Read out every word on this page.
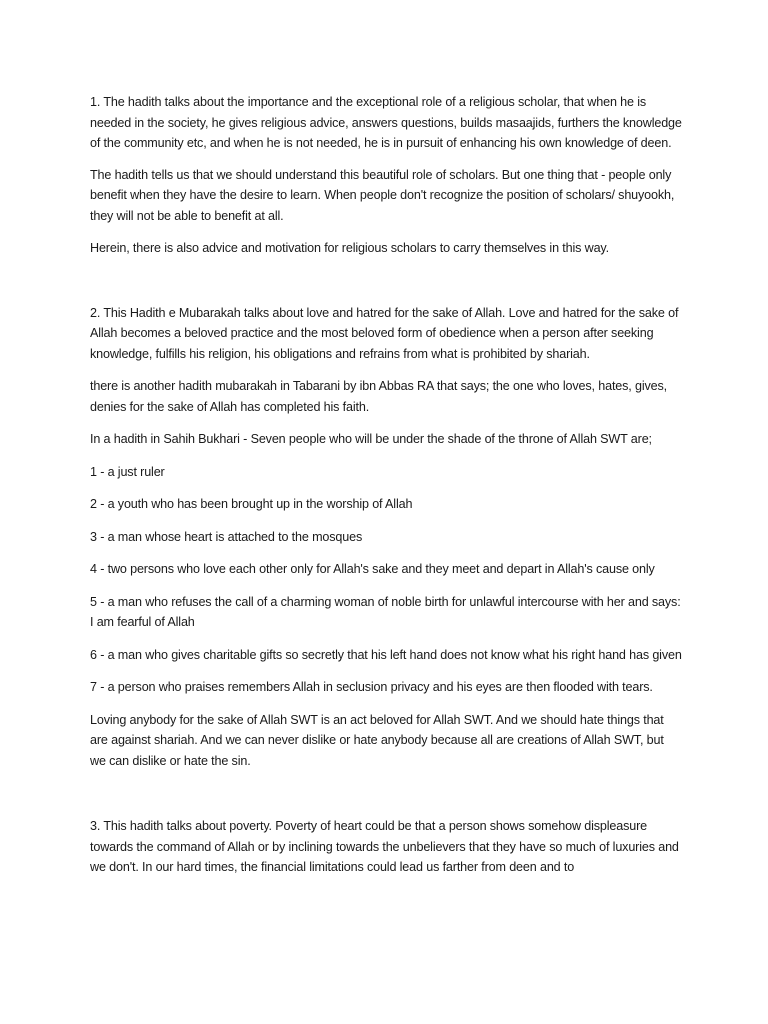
1. The hadith talks about the importance and the exceptional role of a religious scholar, that when he is needed in the society, he gives religious advice, answers questions, builds masaajids, furthers the knowledge of the community etc, and when he is not needed, he is in pursuit of enhancing his own knowledge of deen.

The hadith tells us that we should understand this beautiful role of scholars. But one thing that - people only benefit when they have the desire to learn. When people don't recognize the position of scholars/ shuyookh, they will not be able to benefit at all.

Herein, there is also advice and motivation for religious scholars to carry themselves in this way.

2. This Hadith e Mubarakah talks about love and hatred for the sake of Allah. Love and hatred for the sake of Allah becomes a beloved practice and the most beloved form of obedience when a person after seeking knowledge, fulfills his religion, his obligations and refrains from what is prohibited by shariah.

there is another hadith mubarakah in Tabarani by ibn Abbas RA that says; the one who loves, hates, gives, denies for the sake of Allah has completed his faith.

In a hadith in Sahih Bukhari - Seven people who will be under the shade of the throne of Allah SWT are;

1 - a just ruler

2 - a youth who has been brought up in the worship of Allah

3 - a man whose heart is attached to the mosques

4 - two persons who love each other only for Allah's sake and they meet and depart in Allah's cause only

5 - a man who refuses the call of a charming woman of noble birth for unlawful intercourse with her and says: I am fearful of Allah

6 - a man who gives charitable gifts so secretly that his left hand does not know what his right hand has given

7 - a person who praises remembers Allah in seclusion privacy and his eyes are then flooded with tears.

Loving anybody for the sake of Allah SWT is an act beloved for Allah SWT. And we should hate things that are against shariah. And we can never dislike or hate anybody because all are creations of Allah SWT, but we can dislike or hate the sin.

3. This hadith talks about poverty. Poverty of heart could be that a person shows somehow displeasure towards the command of Allah or by inclining towards the unbelievers that they have so much of luxuries and we don't. In our hard times, the financial limitations could lead us farther from deen and to
